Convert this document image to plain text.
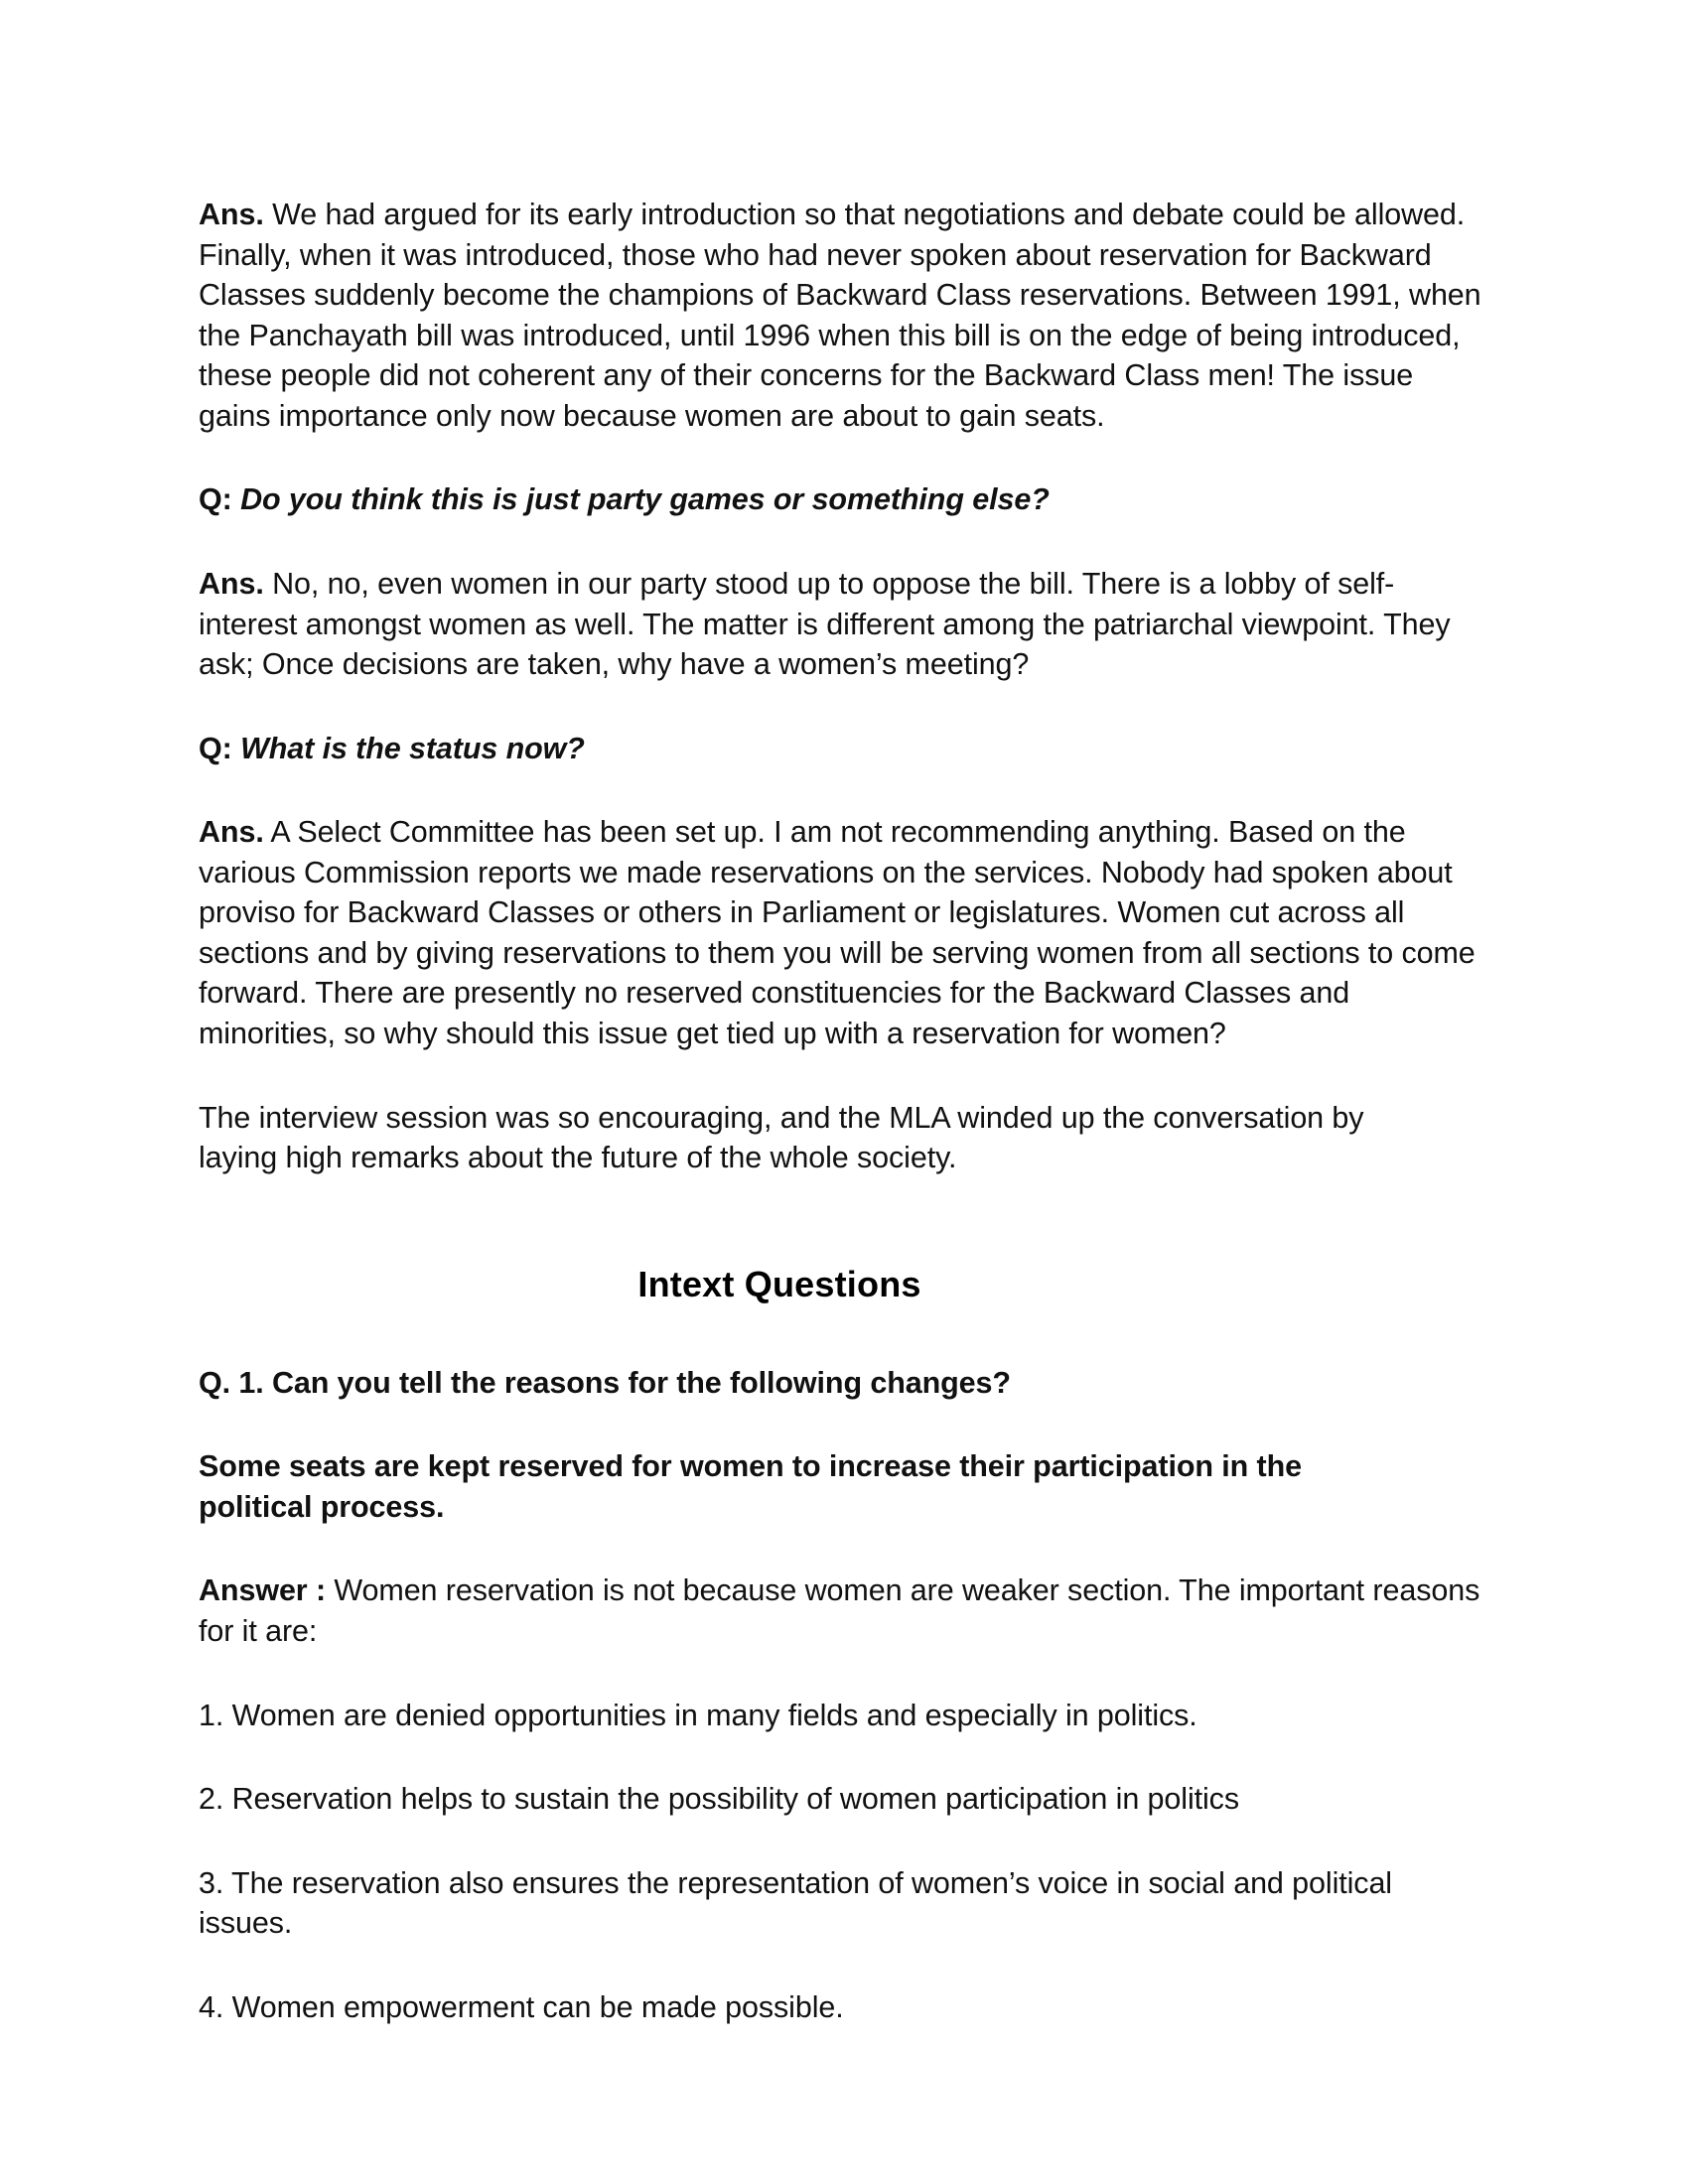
Ans. We had argued for its early introduction so that negotiations and debate could be allowed. Finally, when it was introduced, those who had never spoken about reservation for Backward Classes suddenly become the champions of Backward Class reservations. Between 1991, when the Panchayath bill was introduced, until 1996 when this bill is on the edge of being introduced, these people did not coherent any of their concerns for the Backward Class men! The issue gains importance only now because women are about to gain seats.

Q: Do you think this is just party games or something else?

Ans. No, no, even women in our party stood up to oppose the bill. There is a lobby of self-interest amongst women as well. The matter is different among the patriarchal viewpoint. They ask; Once decisions are taken, why have a women’s meeting?

Q: What is the status now?

Ans. A Select Committee has been set up. I am not recommending anything. Based on the various Commission reports we made reservations on the services. Nobody had spoken about proviso for Backward Classes or others in Parliament or legislatures. Women cut across all sections and by giving reservations to them you will be serving women from all sections to come forward. There are presently no reserved constituencies for the Backward Classes and minorities, so why should this issue get tied up with a reservation for women?

The interview session was so encouraging, and the MLA winded up the conversation by laying high remarks about the future of the whole society.

Intext Questions

Q. 1. Can you tell the reasons for the following changes?

Some seats are kept reserved for women to increase their participation in the political process.

Answer : Women reservation is not because women are weaker section. The important reasons for it are:

1. Women are denied opportunities in many fields and especially in politics.

2. Reservation helps to sustain the possibility of women participation in politics

3. The reservation also ensures the representation of women’s voice in social and political issues.

4. Women empowerment can be made possible.
